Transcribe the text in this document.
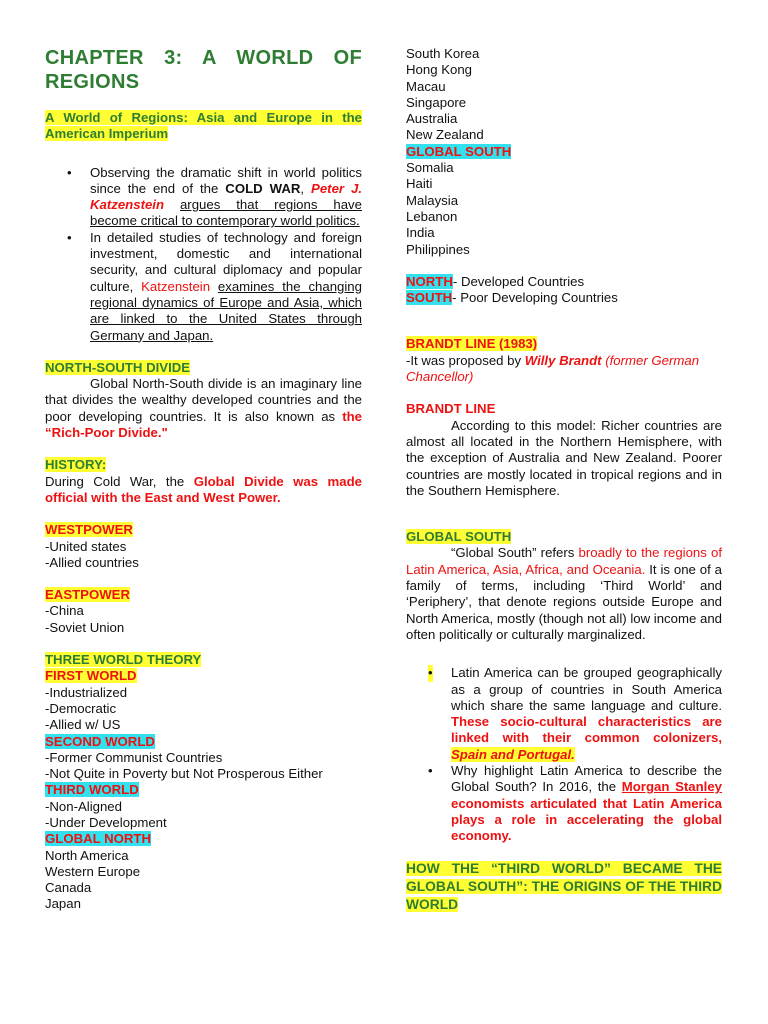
CHAPTER 3: A WORLD OF REGIONS

A World of Regions: Asia and Europe in the American Imperium

• Observing the dramatic shift in world politics since the end of the COLD WAR, Peter J. Katzenstein argues that regions have become critical to contemporary world politics.
• In detailed studies of technology and foreign investment, domestic and international security, and cultural diplomacy and popular culture, Katzenstein examines the changing regional dynamics of Europe and Asia, which are linked to the United States through Germany and Japan.

NORTH-SOUTH DIVIDE

Global North-South divide is an imaginary line that divides the wealthy developed countries and the poor developing countries. It is also known as the “Rich-Poor Divide."

HISTORY:

During Cold War, the Global Divide was made official with the East and West Power.

WESTPOWER

-United states

-Allied countries

EASTPOWER

-China

-Soviet Union

THREE WORLD THEORY

FIRST WORLD

-Industrialized

-Democratic

-Allied w/ US

SECOND WORLD

-Former Communist Countries

-Not Quite in Poverty but Not Prosperous Either

THIRD WORLD

-Non-Aligned

-Under Development

GLOBAL NORTH

North America

Western Europe

Canada

Japan

South Korea

Hong Kong

Macau

Singapore

Australia

New Zealand

GLOBAL SOUTH

Somalia

Haiti

Malaysia

Lebanon

India

Philippines

NORTH- Developed Countries

SOUTH- Poor Developing Countries

BRANDT LINE (1983)

-It was proposed by Willy Brandt (former German Chancellor)

BRANDT LINE

According to this model: Richer countries are almost all located in the Northern Hemisphere, with the exception of Australia and New Zealand. Poorer countries are mostly located in tropical regions and in the Southern Hemisphere.

GLOBAL SOUTH

“Global South” refers broadly to the regions of Latin America, Asia, Africa, and Oceania. It is one of a family of terms, including ‘Third World’ and ‘Periphery’, that denote regions outside Europe and North America, mostly (though not all) low income and often politically or culturally marginalized.

• Latin America can be grouped geographically as a group of countries in South America which share the same language and culture. These socio-cultural characteristics are linked with their common colonizers, Spain and Portugal.
• Why highlight Latin America to describe the Global South? In 2016, the Morgan Stanley economists articulated that Latin America plays a role in accelerating the global economy.

HOW THE “THIRD WORLD” BECAME THE GLOBAL SOUTH”: THE ORIGINS OF THE THIRD WORLD
